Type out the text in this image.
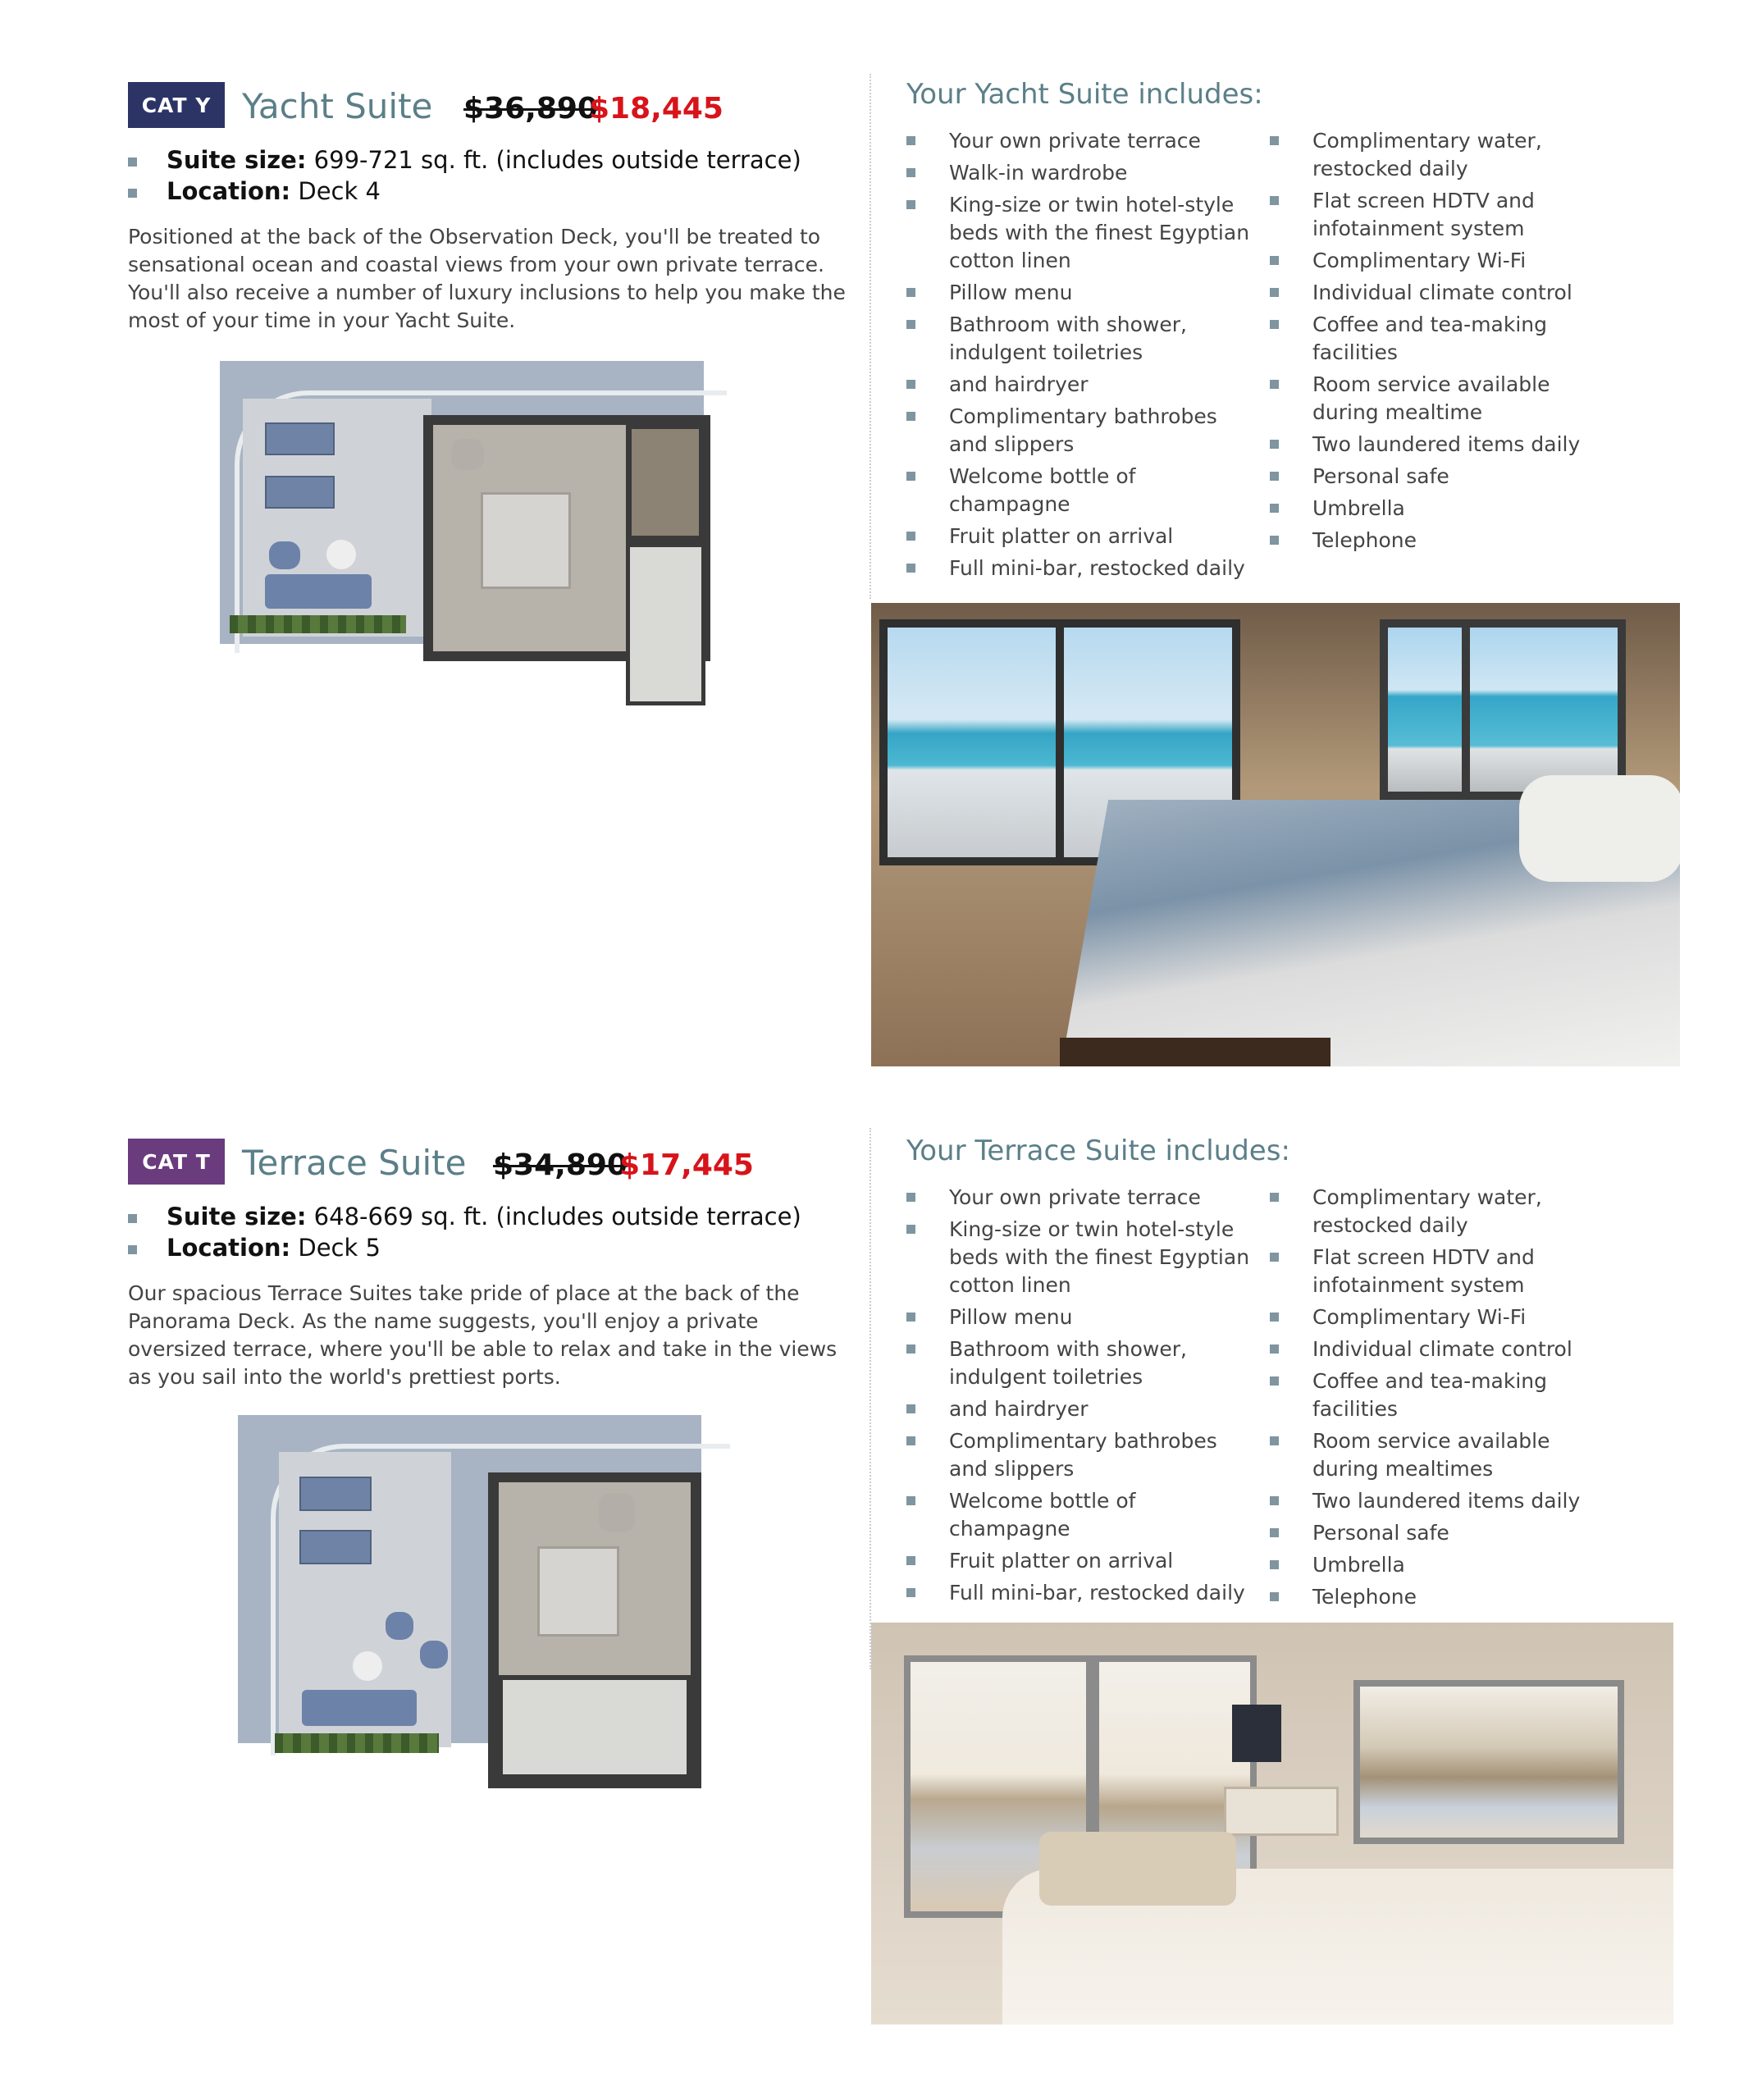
CAT Y Yacht Suite $36,890
$18,445
Suite size: 699-721 sq. ft. (includes outside terrace)
Location: Deck 4
Positioned at the back of the Observation Deck, you'll be treated to sensational ocean and coastal views from your own private terrace. You'll also receive a number of luxury inclusions to help you make the most of your time in your Yacht Suite.
Your Yacht Suite includes:
Your own private terrace
Walk-in wardrobe
King-size or twin hotel-style beds with the finest Egyptian cotton linen
Pillow menu
Bathroom with shower, indulgent toiletries
and hairdryer
Complimentary bathrobes and slippers
Welcome bottle of champagne
Fruit platter on arrival
Full mini-bar, restocked daily
Complimentary water, restocked daily
Flat screen HDTV and infotainment system
Complimentary Wi-Fi
Individual climate control
Coffee and tea-making facilities
Room service available during mealtime
Two laundered items daily
Personal safe
Umbrella
Telephone
CAT T Terrace Suite $34,890
$17,445
Suite size: 648-669 sq. ft. (includes outside terrace)
Location: Deck 5
Our spacious Terrace Suites take pride of place at the back of the Panorama Deck. As the name suggests, you'll enjoy a private oversized terrace, where you'll be able to relax and take in the views as you sail into the world's prettiest ports.
Your Terrace Suite includes:
Your own private terrace
King-size or twin hotel-style beds with the finest Egyptian cotton linen
Pillow menu
Bathroom with shower, indulgent toiletries
and hairdryer
Complimentary bathrobes and slippers
Welcome bottle of champagne
Fruit platter on arrival
Full mini-bar, restocked daily
Complimentary water, restocked daily
Flat screen HDTV and infotainment system
Complimentary Wi-Fi
Individual climate control
Coffee and tea-making facilities
Room service available during mealtimes
Two laundered items daily
Personal safe
Umbrella
Telephone
